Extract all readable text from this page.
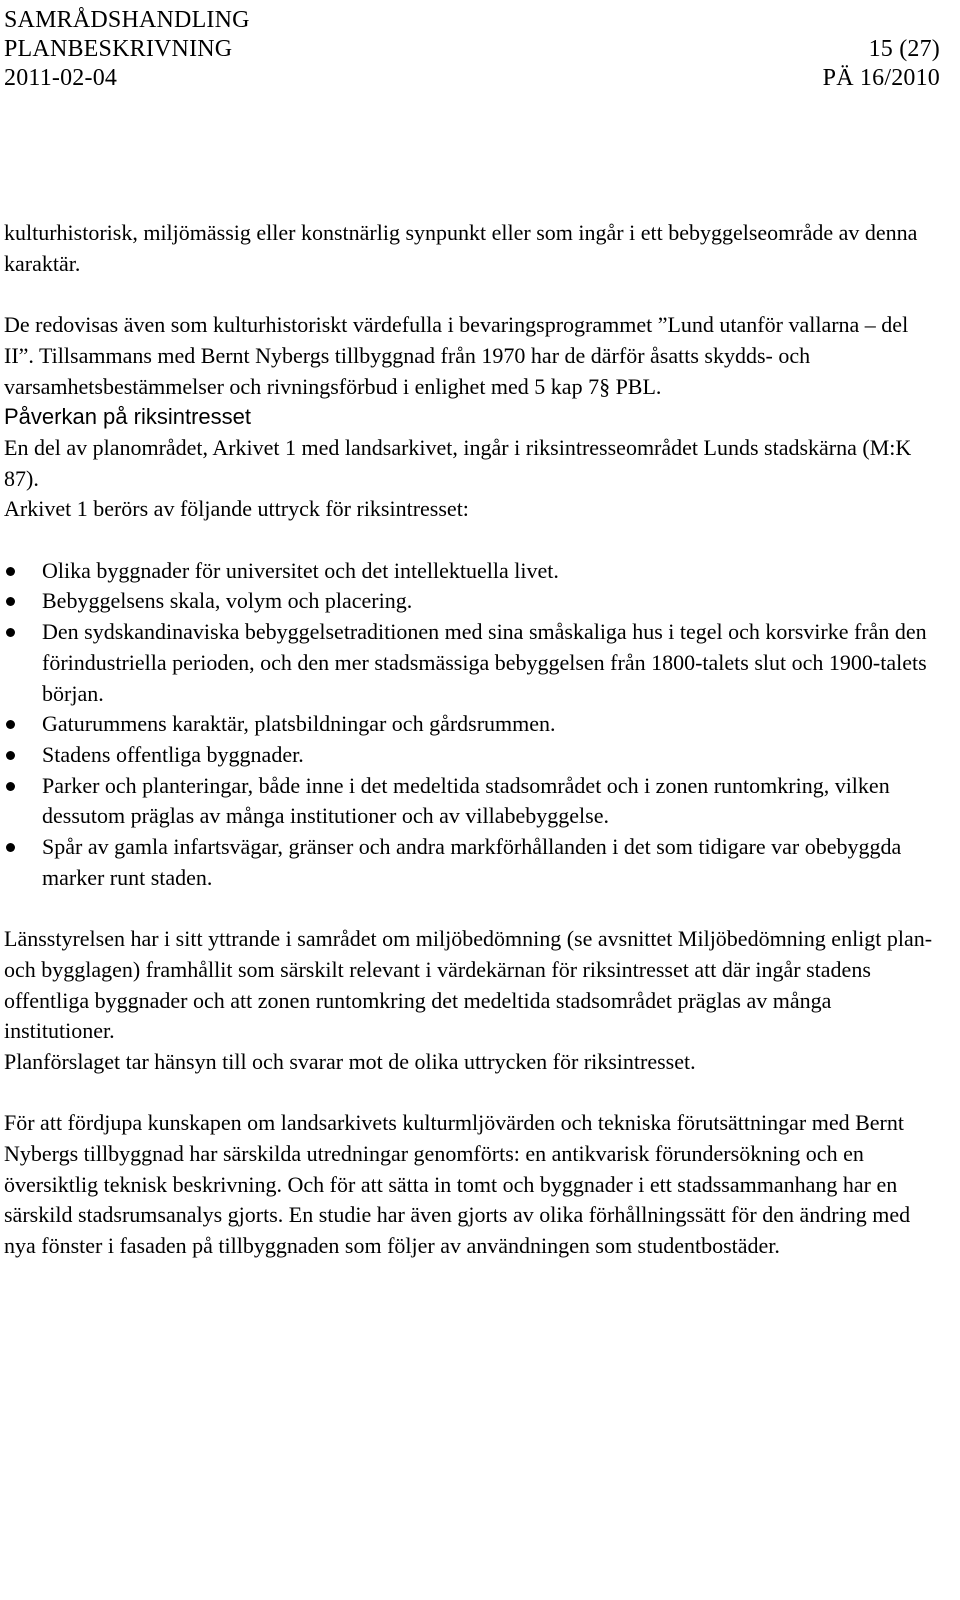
SAMRÅDSHANDLING
PLANBESKRIVNING	15 (27)
2011-02-04	PÄ 16/2010

kulturhistorisk, miljömässig eller konstnärlig synpunkt eller som ingår i ett bebyggelseområde av denna karaktär.

De redovisas även som kulturhistoriskt värdefulla i bevaringsprogrammet ”Lund utanför vallarna – del II”. Tillsammans med Bernt Nybergs tillbyggnad från 1970 har de därför åsatts skydds- och varsamhetsbestämmelser och rivningsförbud i enlighet med 5 kap 7§ PBL.

Påverkan på riksintresset

En del av planområdet, Arkivet 1 med landsarkivet, ingår i riksintresseområdet Lunds stadskärna (M:K 87).

Arkivet 1 berörs av följande uttryck för riksintresset:

Olika byggnader för universitet och det intellektuella livet.
Bebyggelsens skala, volym och placering.
Den sydskandinaviska bebyggelsetraditionen med sina småskaliga hus i tegel och korsvirke från den förindustriella perioden, och den mer stadsmässiga bebyggelsen från 1800-talets slut och 1900-talets början.
Gaturummens karaktär, platsbildningar och gårdsrummen.
Stadens offentliga byggnader.
Parker och planteringar, både inne i det medeltida stadsområdet och i zonen runtomkring, vilken dessutom präglas av många institutioner och av villabebyggelse.
Spår av gamla infartsvägar, gränser och andra markförhållanden i det som tidigare var obebyggda marker runt staden.

Länsstyrelsen har i sitt yttrande i samrådet om miljöbedömning (se avsnittet Miljöbedömning enligt plan- och bygglagen) framhållit som särskilt relevant i värdekärnan för riksintresset att där ingår stadens offentliga byggnader och att zonen runtomkring det medeltida stadsområdet präglas av många institutioner.

Planförslaget tar hänsyn till och svarar mot de olika uttrycken för riksintresset.

För att fördjupa kunskapen om landsarkivets kulturmljövärden och tekniska förutsättningar med Bernt Nybergs tillbyggnad har särskilda utredningar genomförts: en antikvarisk förundersökning och en översiktlig teknisk beskrivning. Och för att sätta in tomt och byggnader i ett stadssammanhang har en särskild stadsrumsanalys gjorts. En studie har även gjorts av olika förhållningssätt för den ändring med nya fönster i fasaden på tillbyggnaden som följer av användningen som studentbostäder.
